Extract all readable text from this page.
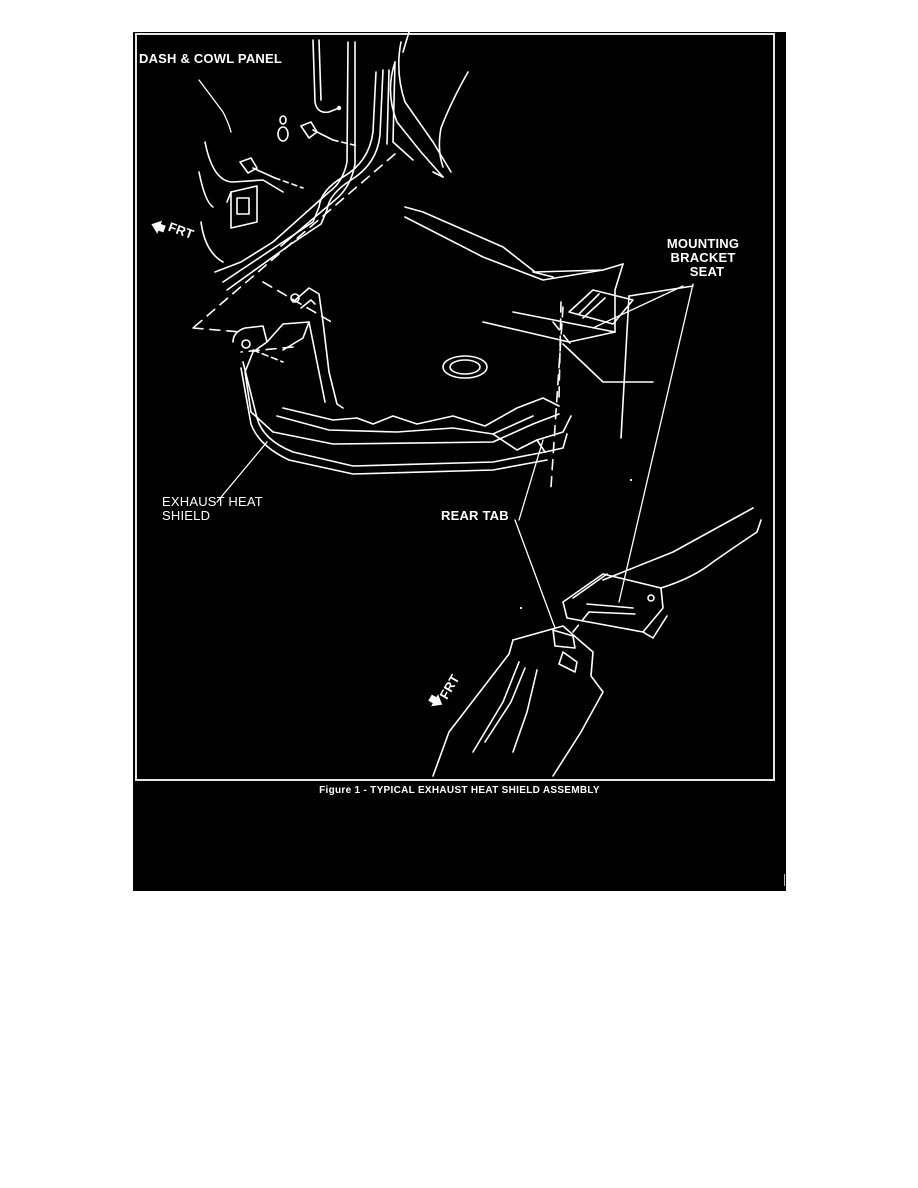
DASH & COWL PANEL
🡄
FRT
MOUNTING
BRACKET
SEAT
EXHAUST HEAT
SHIELD	REAR TAB
🡇
FRT
Figure 1 - TYPICAL EXHAUST HEAT SHIELD ASSEMBLY
